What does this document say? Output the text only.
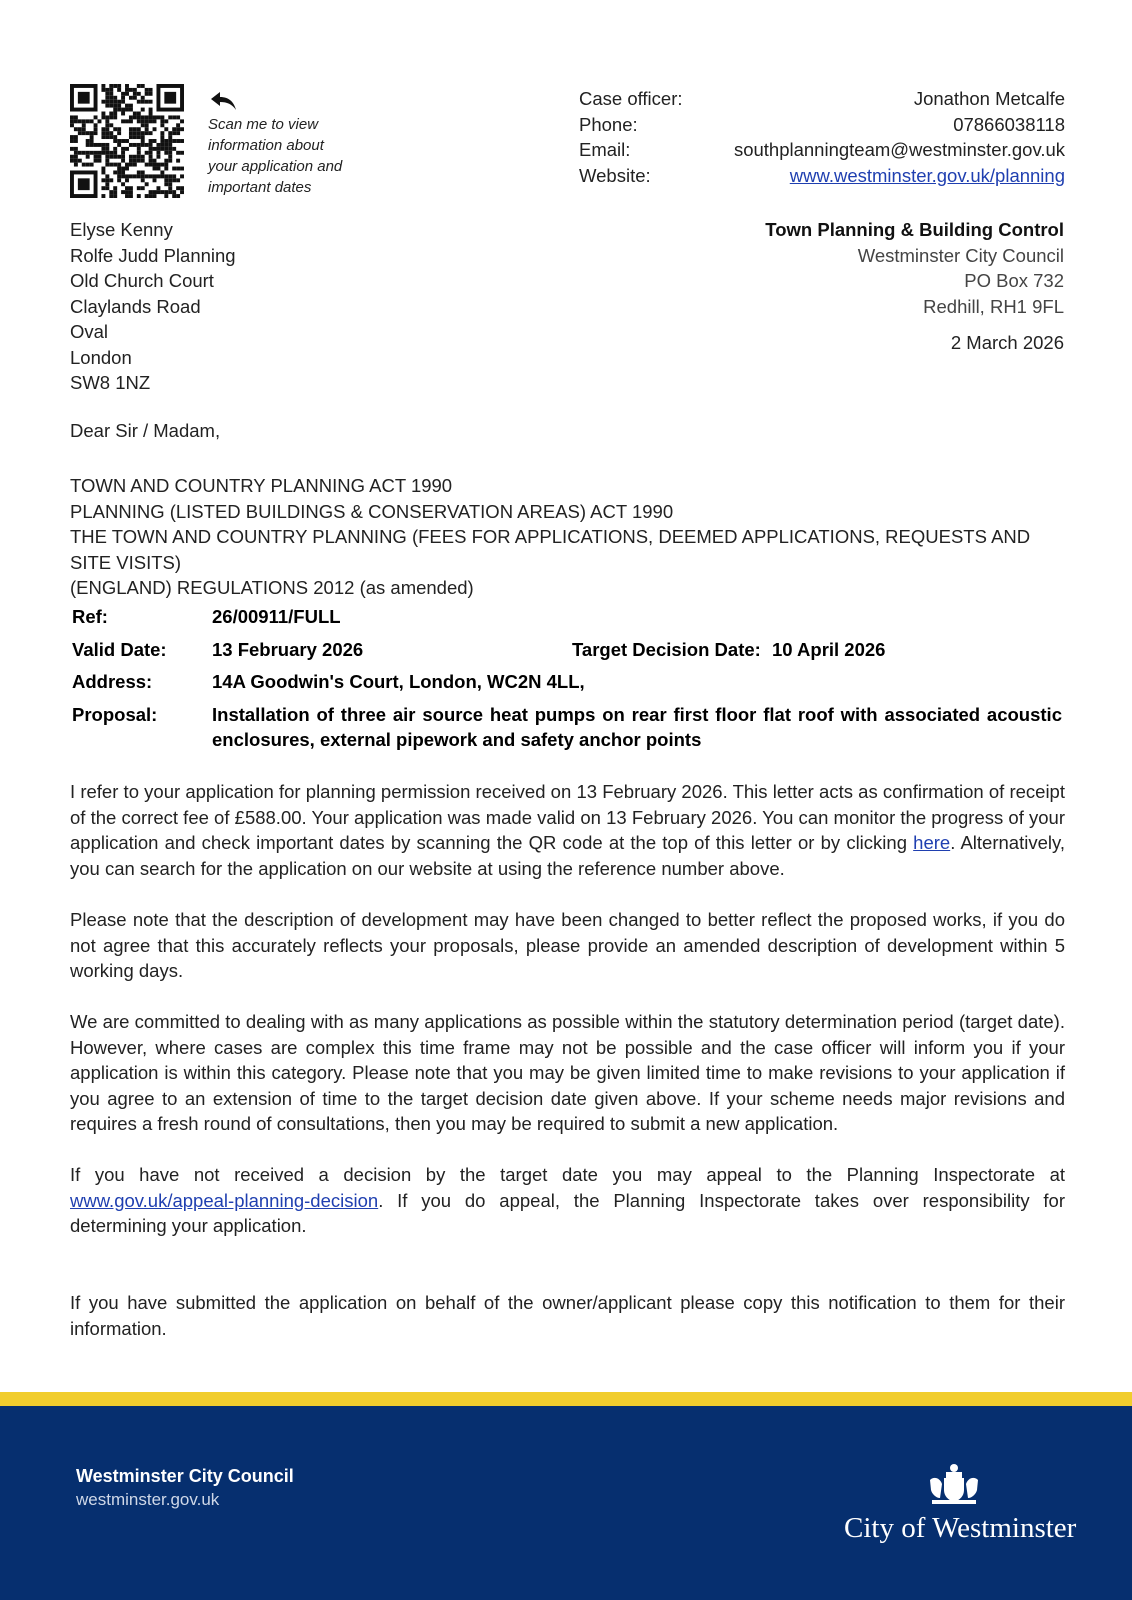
Scan me to view
information about
your application and
important dates
Case officer:	Jonathon Metcalfe
Phone:	07866038118
Email:	southplanningteam@westminster.gov.uk
Website:	www.westminster.gov.uk/planning
Elyse Kenny
Rolfe Judd Planning
Old Church Court
Claylands Road
Oval
London
SW8 1NZ
Town Planning & Building Control
Westminster City Council
PO Box 732
Redhill, RH1 9FL
2 March 2026
Dear Sir / Madam,
TOWN AND COUNTRY PLANNING ACT 1990
PLANNING (LISTED BUILDINGS & CONSERVATION AREAS) ACT 1990
THE TOWN AND COUNTRY PLANNING (FEES FOR APPLICATIONS, DEEMED APPLICATIONS, REQUESTS AND SITE VISITS)
(ENGLAND) REGULATIONS 2012 (as amended)
Ref:	26/00911/FULL
Valid Date:	13 February 2026	Target Decision Date: 10 April 2026
Address:	14A Goodwin's Court, London, WC2N 4LL,
Proposal:	Installation of three air source heat pumps on rear first floor flat roof with associated acoustic enclosures, external pipework and safety anchor points
I refer to your application for planning permission received on 13 February 2026. This letter acts as confirmation of receipt of the correct fee of £588.00. Your application was made valid on 13 February 2026. You can monitor the progress of your application and check important dates by scanning the QR code at the top of this letter or by clicking here. Alternatively, you can search for the application on our website at using the reference number above.
Please note that the description of development may have been changed to better reflect the proposed works, if you do not agree that this accurately reflects your proposals, please provide an amended description of development within 5 working days.
We are committed to dealing with as many applications as possible within the statutory determination period (target date). However, where cases are complex this time frame may not be possible and the case officer will inform you if your application is within this category. Please note that you may be given limited time to make revisions to your application if you agree to an extension of time to the target decision date given above. If your scheme needs major revisions and requires a fresh round of consultations, then you may be required to submit a new application.
If you have not received a decision by the target date you may appeal to the Planning Inspectorate at www.gov.uk/appeal-planning-decision. If you do appeal, the Planning Inspectorate takes over responsibility for determining your application.
If you have submitted the application on behalf of the owner/applicant please copy this notification to them for their information.
Westminster City Council
westminster.gov.uk
City of Westminster
